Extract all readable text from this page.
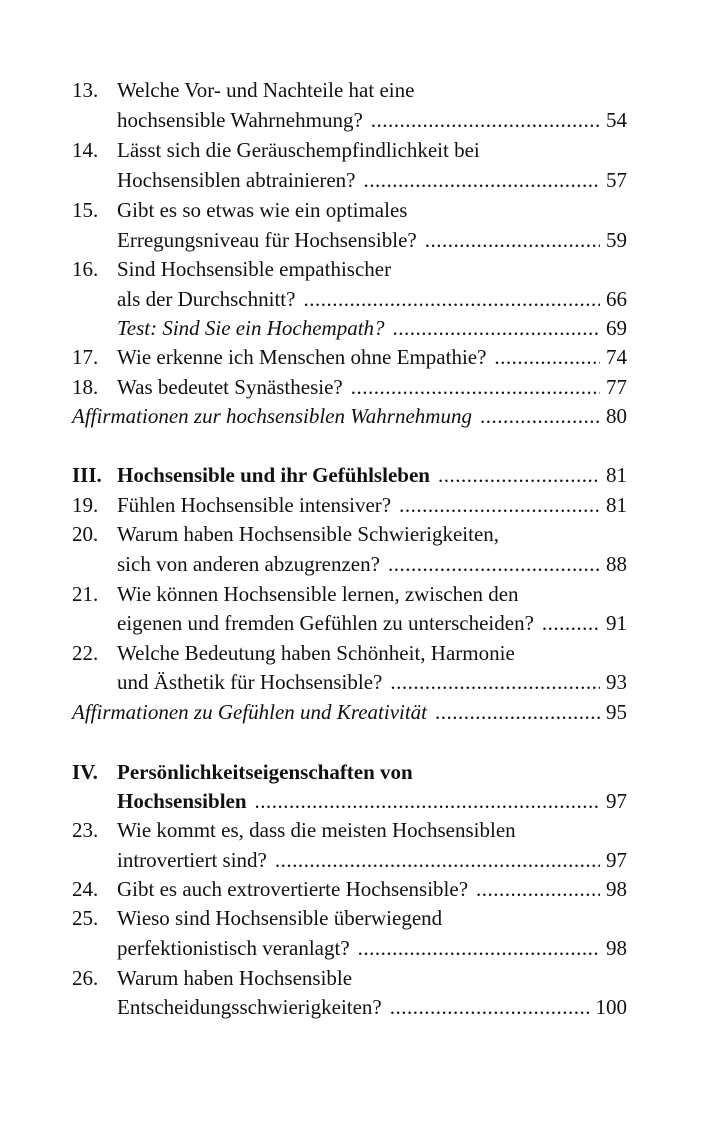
13. Welche Vor- und Nachteile hat eine
hochsensible Wahrnehmung? .....	54
14. Lässt sich die Geräuschempfindlichkeit bei
Hochsensiblen abtrainieren? .....	57
15. Gibt es so etwas wie ein optimales
Erregungsniveau für Hochsensible? .....	59
16. Sind Hochsensible empathischer
als der Durchschnitt? .....	66
Test: Sind Sie ein Hochempath? .....	69
17. Wie erkenne ich Menschen ohne Empathie? .....	74
18. Was bedeutet Synästhesie? .....	77
Affirmationen zur hochsensiblen Wahrnehmung .....	80
III. Hochsensible und ihr Gefühlsleben .....	81
19. Fühlen Hochsensible intensiver? .....	81
20. Warum haben Hochsensible Schwierigkeiten,
sich von anderen abzugrenzen? .....	88
21. Wie können Hochsensible lernen, zwischen den
eigenen und fremden Gefühlen zu unterscheiden? .....	91
22. Welche Bedeutung haben Schönheit, Harmonie
und Ästhetik für Hochsensible? .....	93
Affirmationen zu Gefühlen und Kreativität .....	95
IV. Persönlichkeitseigenschaften von
Hochsensiblen .....	97
23. Wie kommt es, dass die meisten Hochsensiblen
introvertiert sind? .....	97
24. Gibt es auch extrovertierte Hochsensible? .....	98
25. Wieso sind Hochsensible überwiegend
perfektionistisch veranlagt? .....	98
26. Warum haben Hochsensible
Entscheidungsschwierigkeiten? .....	100
